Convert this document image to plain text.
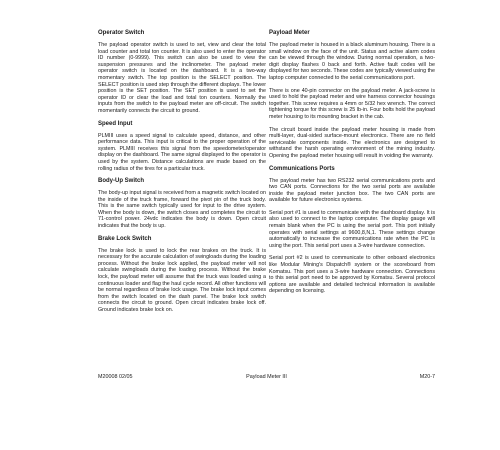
Operator Switch

The payload operator switch is used to set, view and clear the total load counter and total ton counter. It is also used to enter the operator ID number (0-9999). This switch can also be used to view the suspension pressures and the inclinometer. The payload meter operator switch is located on the dashboard. It is a two-way momentary switch. The top position is the SELECT position. The SELECT position is used step through the different displays. The lower position is the SET position. The SET position is used to set the operator ID or clear the load and total ton counters. Normally the inputs from the switch to the payload meter are off-circuit. The switch momentarily connects the circuit to ground.

Speed Input

PLMIII uses a speed signal to calculate speed, distance, and other performance data. This input is critical to the proper operation of the system. PLMIII receives this signal from the speedometer/operator display on the dashboard. The same signal displayed to the operator is used by the system. Distance calculations are made based on the rolling radius of the tires for a particular truck.

Body-Up Switch

The body-up input signal is received from a magnetic switch located on the inside of the truck frame, forward the pivot pin of the truck body. This is the same switch typically used for input to the drive system. When the body is down, the switch closes and completes the circuit to 71-control power. 24vdc indicates the body is down. Open circuit indicates that the body is up.

Brake Lock Switch

The brake lock is used to lock the rear brakes on the truck. It is necessary for the accurate calculation of swingloads during the loading process. Without the brake lock applied, the payload meter will not calculate swingloads during the loading process. Without the brake lock, the payload meter will assume that the truck was loaded using a continuous loader and flag the haul cycle record. All other functions will be normal regardless of brake lock usage. The brake lock input comes from the switch located on the dash panel. The brake lock switch connects the circuit to ground. Open circuit indicates brake lock off. Ground indicates brake lock on.

Payload Meter

The payload meter is housed in a black aluminum housing. There is a small window on the face of the unit. Status and active alarm codes can be viewed through the window. During normal operation, a two-digit display flashes 0 back and forth. Active fault codes will be displayed for two seconds. These codes are typically viewed using the laptop computer connected to the serial communications port.

There is one 40-pin connector on the payload meter. A jack-screw is used to hold the payload meter and wire harness connector housings together. This screw requires a 4mm or 5/32 hex wrench. The correct tightening torque for this screw is 25 lb-in. Four bolts hold the payload meter housing to its mounting bracket in the cab.

The circuit board inside the payload meter housing is made from multi-layer, dual-sided surface-mount electronics. There are no field serviceable components inside. The electronics are designed to withstand the harsh operating environment of the mining industry. Opening the payload meter housing will result in voiding the warranty.

Communications Ports

The payload meter has two RS232 serial communications ports and two CAN ports. Connections for the two serial ports are available inside the payload meter junction box. The two CAN ports are available for future electronics systems.

Serial port #1 is used to communicate with the dashboard display. It is also used to connect to the laptop computer. The display gauge will remain blank when the PC is using the serial port. This port initially operates with serial settings at 9600,8,N,1. These settings change automatically to increase the communications rate when the PC is using the port. This serial port uses a 3-wire hardware connection.

Serial port #2 is used to communicate to other onboard electronics like Modular Mining's Dispatch® system or the scoreboard from Komatsu. This port uses a 3-wire hardware connection. Connections to this serial port need to be approved by Komatsu. Several protocol options are available and detailed technical information is available depending on licensing.

M20008 02/05	Payload Meter III	M20-7
